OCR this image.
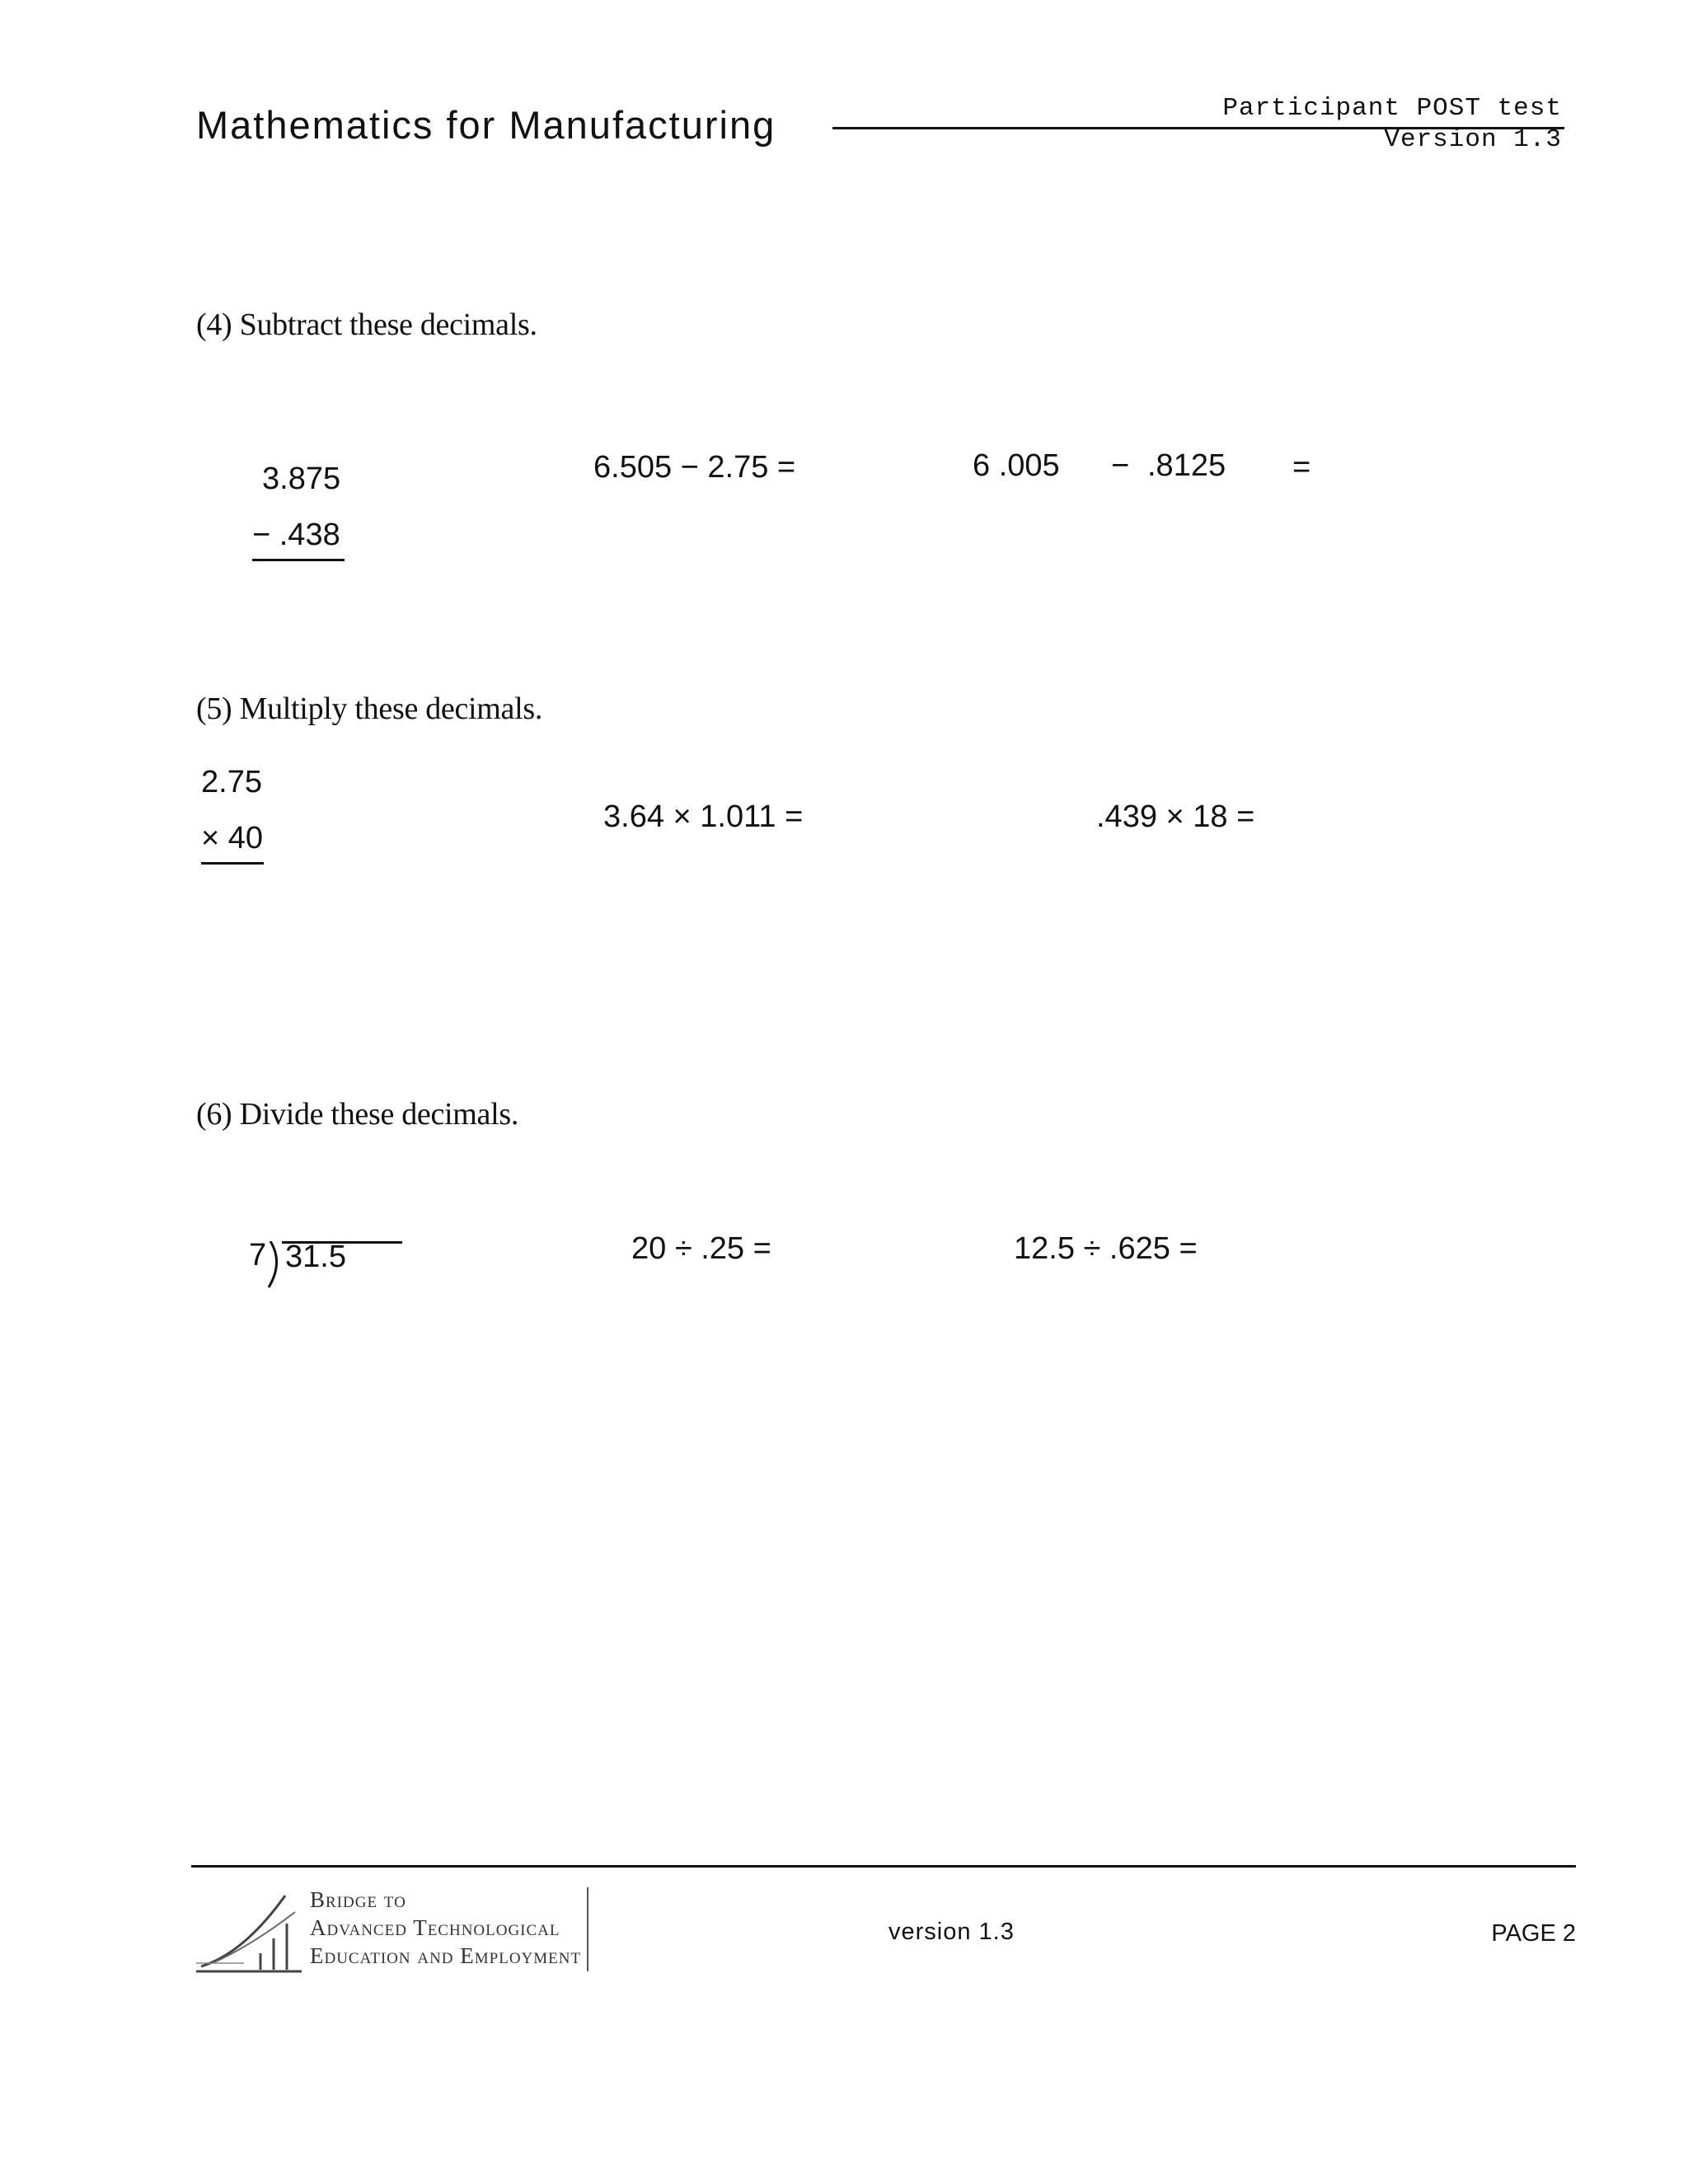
Mathematics for Manufacturing	Participant POST test
Version 1.3
(4) Subtract these decimals.
3.875
− .438
6.505 − 2.75 =	6 .005 − .8125 =
(5) Multiply these decimals.
2.75
× 40
3.64 × 1.011 =	.439 × 18 =
(6) Divide these decimals.
7 31.5	20 ÷ .25 =	12.5 ÷ .625 =
Bridge to
Advanced Technological
Education and Employment
version 1.3	PAGE 2
